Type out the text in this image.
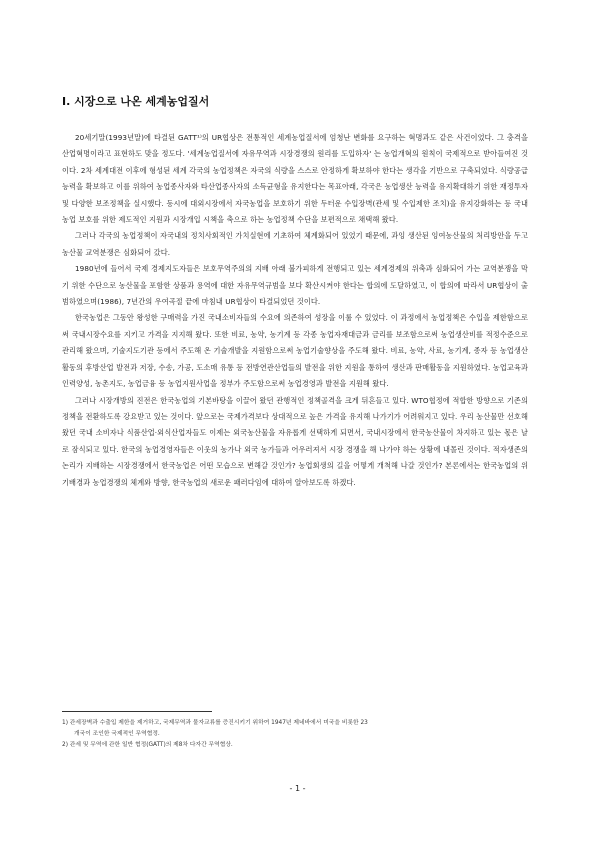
Ⅰ. 시장으로 나온 세계농업질서

20세기말(1993년말)에 타결된 GATT¹⁾의 UR협상은 전통적인 세계농업질서에 엄청난 변화를 요구하는 혁명과도 같은 사건이었다. 그 충격을 산업혁명이라고 표현하도 맞을 정도다. '세계농업질서에 자유무역과 시장경쟁의 원리를 도입하자' 는 농업개혁의 원칙이 국제적으로 받아들여진 것이다. 2차 세계대전 이후에 형성된 세계 각국의 농업정책은 자국의 식량을 스스로 안정하게 확보하야 한다는 생각을 기반으로 구축되었다. 식량공급 능력을 확보하고 이를 위하여 농업종사자와 타산업종사자의 소득균형을 유지한다는 목표아래, 각국은 농업생산 능력을 유지확대하기 위한 재정투자 및 다양한 보조정책을 실시했다. 동시에 대외시장에서 자국농업을 보호하기 위한 두터운 수입장벽(관세 및 수입제한 조치)을 유지강화하는 등 국내농업 보호를 위한 제도적인 지원과 시장개입 시책을 축으로 하는 농업정책 수단을 보편적으로 채택해 왔다.

그러나 각국의 농업정책이 자국내의 정치사회적인 가치실현에 기초하여 체계화되어 있었기 때문에, 과잉 생산된 잉여농산물의 처리방안을 두고 농산물 교역분쟁은 심화되어 갔다.

1980년에 들어서 국제 경제지도자들은 보호무역주의의 지배 아래 불가피하게 전행되고 있는 세계경제의 위축과 심화되어 가는 교역분쟁을 막기 위한 수단으로 농산물을 포함한 상품과 용역에 대한 자유무역규범을 보다 확산시켜야 한다는 합의에 도달하였고, 이 합의에 따라서 UR협상이 출범하였으며(1986), 7년간의 우여곡절 끝에 마침내 UR협상이 타결되었던 것이다.

한국농업은 그동안 왕성한 구매력을 가진 국내소비자들의 수요에 의존하여 성장을 이룰 수 있었다. 이 과정에서 농업정책은 수입을 제한함으로써 국내시장수요를 지키고 가격을 지지해 왔다. 또한 비료, 농약, 농기계 등 각종 농업자재대금과 금리를 보조함으로써 농업생산비를 적정수준으로 관리해 왔으며, 기술지도기관 등에서 주도해 온 기술개발을 지원함으로써 농업기술향상을 주도해 왔다. 비료, 농약, 사료, 농기계, 종자 등 농업생산활동의 후방산업 발전과 저장, 수송, 가공, 도소매 유통 등 전방연관산업들의 발전을 위한 지원을 통하여 생산과 판매활동을 지원하였다. 농업교육과 인력양성, 농촌지도, 농업금융 등 농업지원사업을 정부가 주도함으로써 농업경영과 발전을 지원해 왔다.

그러나 시장개방의 진전은 한국농업의 기본바탕을 이끌어 왔던 관행적인 정책골격을 크게 뒤흔들고 있다. WTO협정에 적합한 방향으로 기존의 정책을 전환하도록 강요받고 있는 것이다. 앞으로는 국제가격보다 상대적으로 높은 가격을 유지해 나가기가 어려워지고 있다. 우리 농산물만 선호해 왔던 국내 소비자나 식품산업·외식산업자들도 이제는 외국농산물을 자유롭게 선택하게 되면서, 국내시장에서 한국농산물이 차지하고 있는 몫은 날로 잠식되고 있다. 한국의 농업경영자들은 이웃의 농가나 외국 농가들과 어우러져서 시장 경쟁을 해 나가야 하는 상황에 내몰린 것이다. 적자생존의 논리가 지배하는 시장경쟁에서 한국농업은 어떤 모습으로 변해갈 것인가? 농업회생의 길을 어떻게 개척해 나갈 것인가? 본론에서는 한국농업의 위기배경과 농업경쟁의 체계와 방향, 한국농업의 새로운 패러다임에 대하여 알아보도록 하겠다.

1) 관세장벽과 수출입 제한을 제거하고, 국제무역과 물자교류를 증진시키기 위하여 1947년 제네바에서 미국을 비롯한 23

개국이 조인한 국제적인 무역협정.

2) 관세 및 무역에 관한 일반 협정(GATT)의 제8차 다자간 무역협상.

- 1 -
